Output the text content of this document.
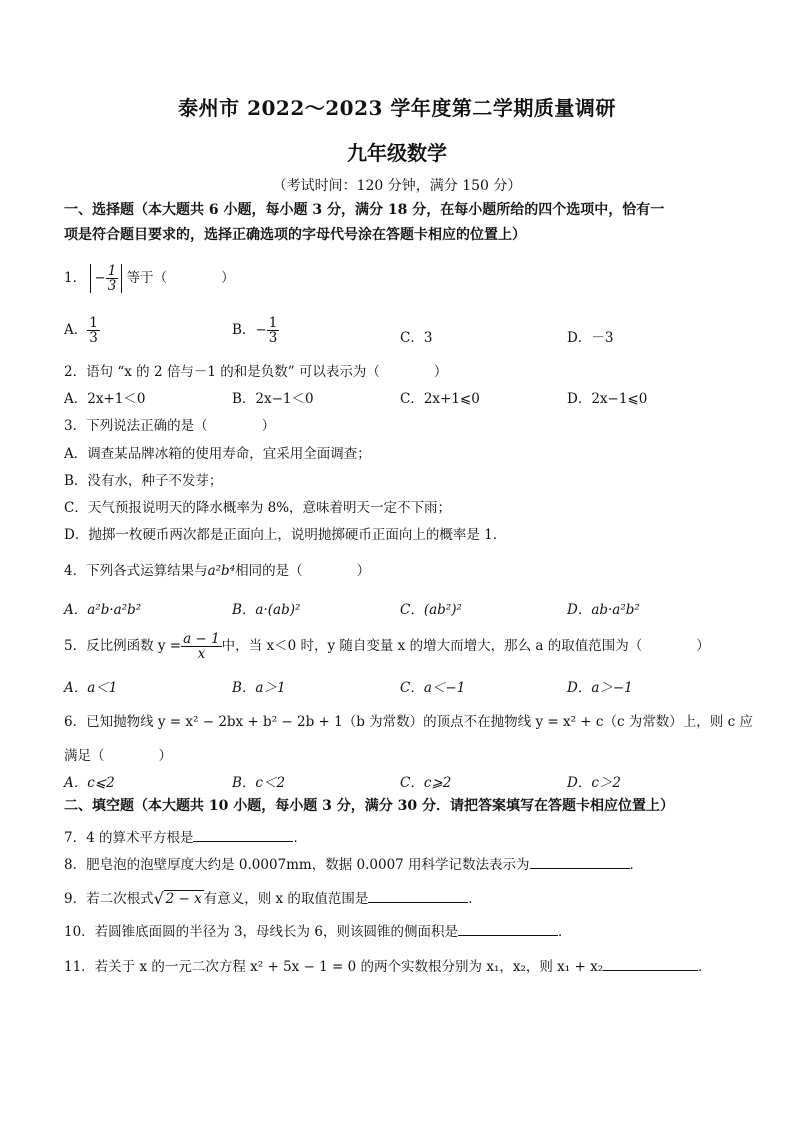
泰州市 2022～2023 学年度第二学期质量调研
九年级数学
（考试时间：120 分钟，满分 150 分）
一、选择题（本大题共 6 小题，每小题 3 分，满分 18 分，在每小题所给的四个选项中，恰有一
项是符合题目要求的，选择正确选项的字母代号涂在答题卡相应的位置上）
1． − $\frac{1}{3}$ 等于（　　　　）
A． $\frac{1}{3}$	B．− $\frac{1}{3}$	C．3	D．－3
2．语句 “x 的 2 倍与－1 的和是负数” 可以表示为（　　　　）
A．2x+1＜0	B．2x−1＜0	C．2x+1⩽0	D．2x−1⩽0
3．下列说法正确的是（　　　　）
A．调查某品牌冰箱的使用寿命，宜采用全面调查；
B．没有水，种子不发芽；
C．天气预报说明天的降水概率为 8%，意味着明天一定不下雨；
D．抛掷一枚硬币两次都是正面向上，说明抛掷硬币正面向上的概率是 1．
4．下列各式运算结果与a²b⁴相同的是（　　　　）
A．a²b·a²b²	B．a·(ab)²	C．(ab²)²	D．ab·a²b²
5．反比例函数 $y = \frac{a - 1}{x}$ 中，当 x＜0 时，y 随自变量 x 的增大而增大，那么 a 的取值范围为（　　　　）
A．a＜1	B．a＞1	C．a＜−1	D．a＞−1
6．已知抛物线 y = x² − 2bx + b² − 2b + 1（b 为常数）的顶点不在抛物线 y = x² + c（c 为常数）上，则 c 应
满足（　　　　）
A．c⩽2	B．c＜2	C．c⩾2	D．c＞2
二、填空题（本大题共 10 小题，每小题 3 分，满分 30 分．请把答案填写在答题卡相应位置上）
7．4 的算术平方根是	．
8．肥皂泡的泡壁厚度大约是 0.0007mm，数据 0.0007 用科学记数法表示为	．
9．若二次根式 √ 2 − x 有意义，则 x 的取值范围是	．
10．若圆锥底面圆的半径为 3，母线长为 6，则该圆锥的侧面积是	．
11．若关于 x 的一元二次方程 x² + 5x − 1 = 0 的两个实数根分别为 x₁，x₂，则 x₁ + x₂	．
